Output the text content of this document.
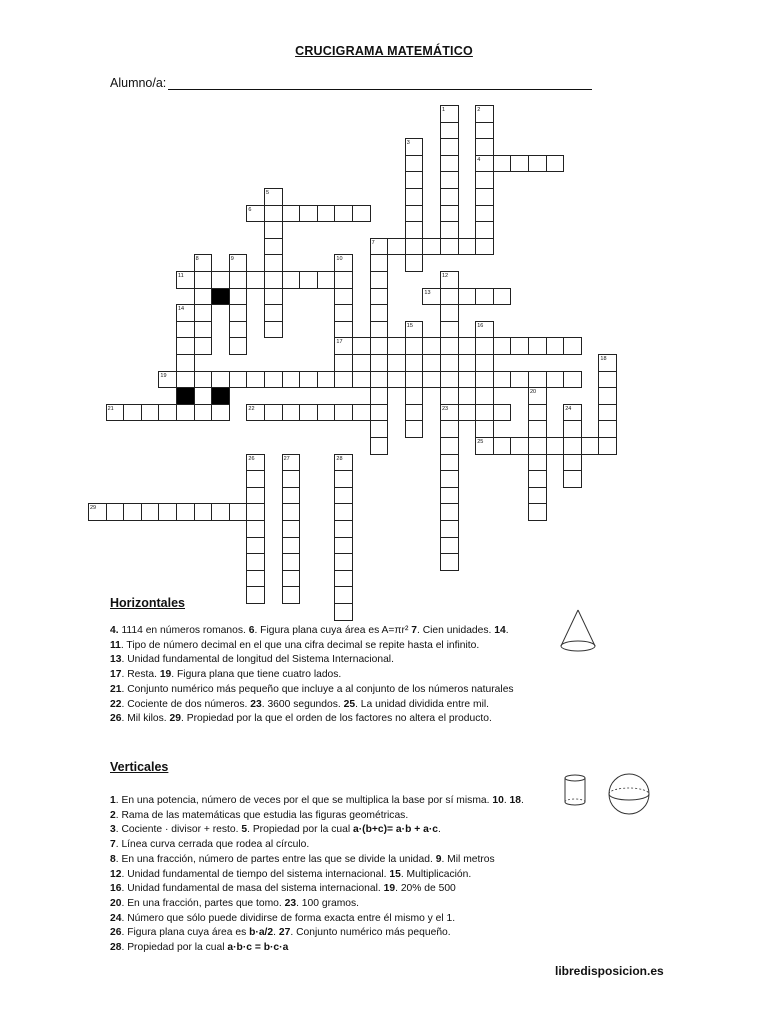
CRUCIGRAMA MATEMÁTICO
Alumno/a:
1	2
4
3
5
6
7
8	9	10
17
11	12
23
13
14
15	16
18
19
20
21	22	24
25
26	27	28
29
Horizontales
4. 1114 en números romanos. 6. Figura plana cuya área es A=πr² 7. Cien unidades. 14.
11. Tipo de número decimal en el que una cifra decimal se repite hasta el infinito.
13. Unidad fundamental de longitud del Sistema Internacional.
17. Resta. 19. Figura plana que tiene cuatro lados.
21. Conjunto numérico más pequeño que incluye a al conjunto de los números naturales
22. Cociente de dos números. 23. 3600 segundos. 25. La unidad dividida entre mil.
26. Mil kilos. 29. Propiedad por la que el orden de los factores no altera el producto.
Verticales
1. En una potencia, número de veces por el que se multiplica la base por sí misma. 10. 18.
2. Rama de las matemáticas que estudia las figuras geométricas.
3. Cociente · divisor + resto. 5. Propiedad por la cual a·(b+c)= a·b + a·c.
7. Línea curva cerrada que rodea al círculo.
8. En una fracción, número de partes entre las que se divide la unidad. 9. Mil metros
12. Unidad fundamental de tiempo del sistema internacional. 15. Multiplicación.
16. Unidad fundamental de masa del sistema internacional. 19. 20% de 500
20. En una fracción, partes que tomo. 23. 100 gramos.
24. Número que sólo puede dividirse de forma exacta entre él mismo y el 1.
26. Figura plana cuya área es b·a/2. 27. Conjunto numérico más pequeño.
28. Propiedad por la cual a·b·c = b·c·a
libredisposicion.es
